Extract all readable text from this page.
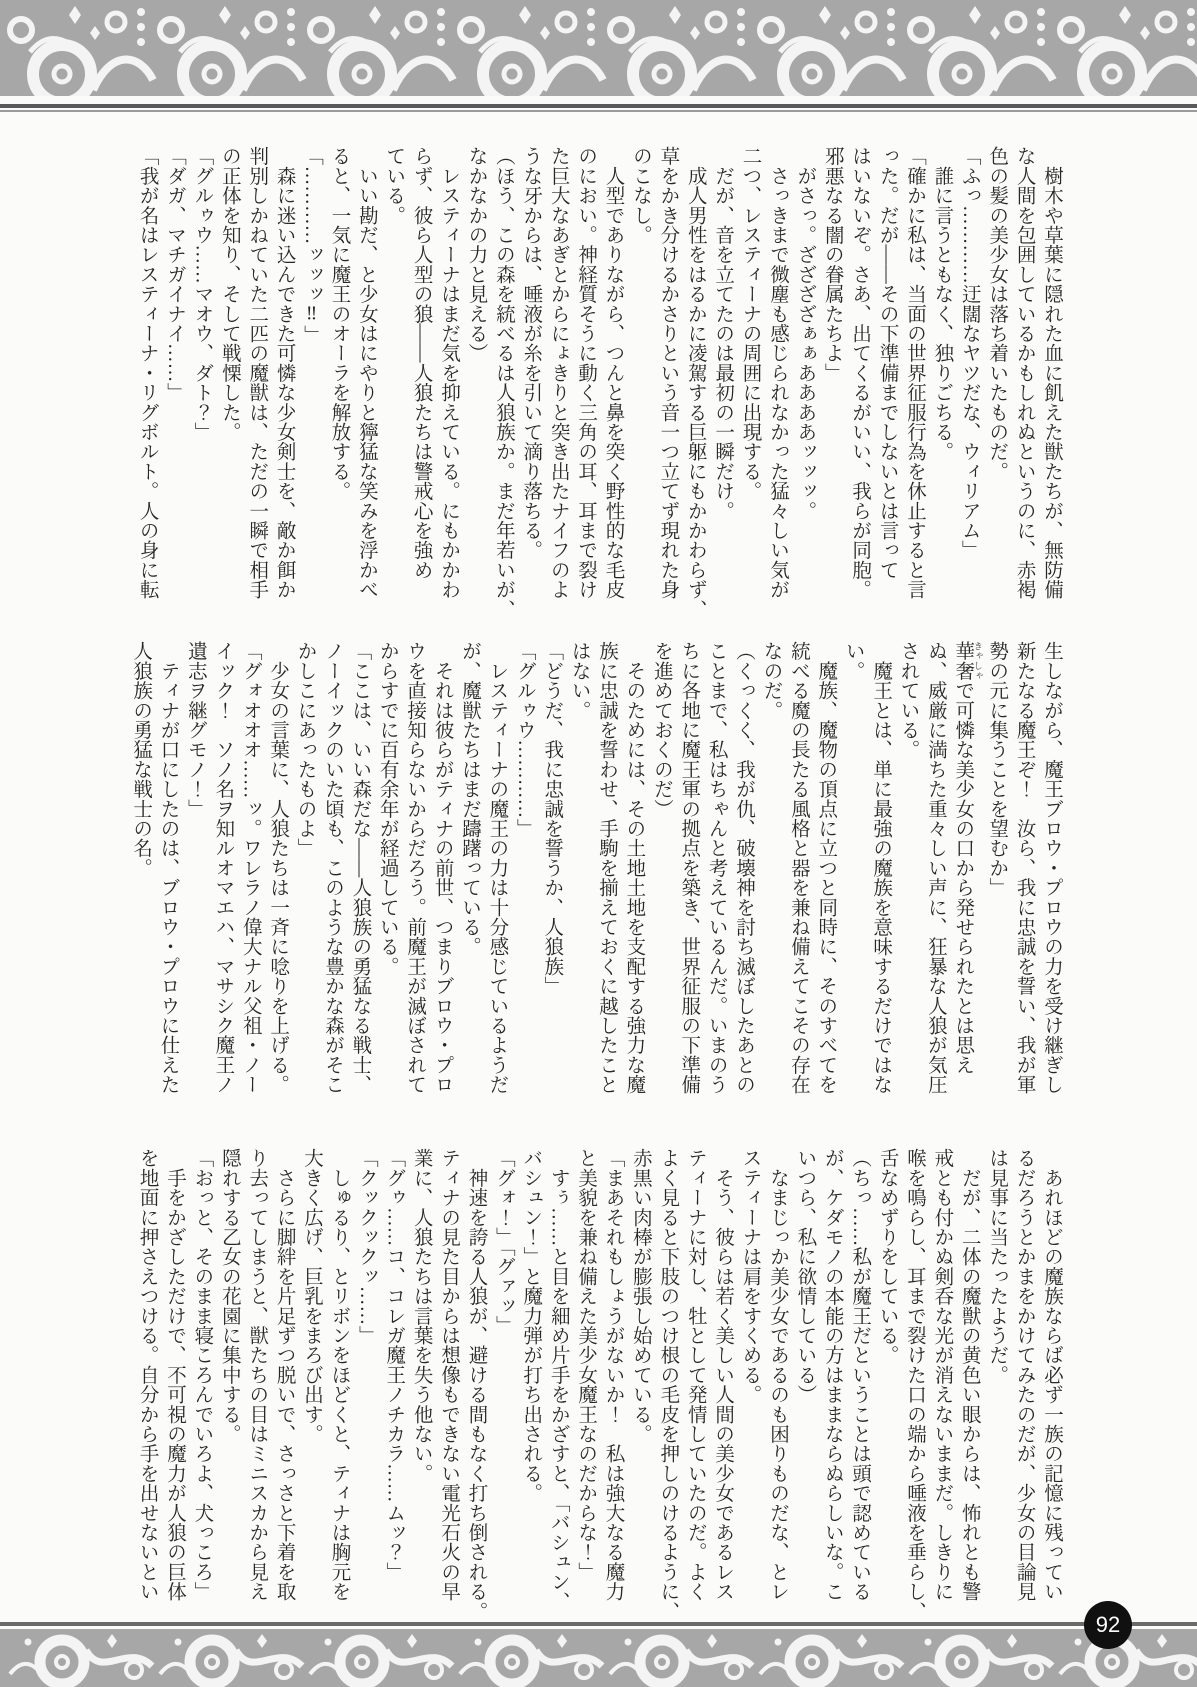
　樹木や草葉に隠れた血に飢えた獣たちが、無防備

な人間を包囲しているかもしれぬというのに、赤褐

色の髪の美少女は落ち着いたものだ。

「ふっ…………迂闊なヤツだな、ウィリアム」

　誰に言うともなく、独りごちる。

「確かに私は、当面の世界征服行為を休止すると言

った。だが――その下準備までしないとは言って

はいないぞ。さあ、出てくるがいい、我らが同胞。

邪悪なる闇の眷属たちよ」

　がさっ。ざざざざぁぁああああッッッ。

　さっきまで微塵も感じられなかった猛々しい気が

二つ、レスティーナの周囲に出現する。

　だが、音を立てたのは最初の一瞬だけ。

　成人男性をはるかに凌駕する巨躯にもかかわらず、

草をかき分けるかさりという音一つ立てず現れた身

のこなし。

　人型でありながら、つんと鼻を突く野性的な毛皮

のにおい。神経質そうに動く三角の耳、耳まで裂け

た巨大なあぎとからにょきりと突き出たナイフのよ

うな牙からは、唾液が糸を引いて滴り落ちる。

（ほう、この森を統べるは人狼族か。まだ年若いが、

なかなかの力と見える）

　レスティーナはまだ気を抑えている。にもかかわ

らず、彼ら人型の狼――人狼たちは警戒心を強め

ている。

　いい勘だ、と少女はにやりと獰猛な笑みを浮かべ

ると、一気に魔王のオーラを解放する。

「…………ッッッ‼」

　森に迷い込んできた可憐な少女剣士を、敵か餌か

判別しかねていた二匹の魔獣は、ただの一瞬で相手

の正体を知り、そして戦慄した。

「グルゥウ……マオウ、ダト？」

「ダガ、マチガイナイ……」

「我が名はレスティーナ・リグボルト。人の身に転

生しながら、魔王ブロウ・プロウの力を受け継ぎし

新たなる魔王ぞ！　汝ら、我に忠誠を誓い、我が軍

勢の元に集うことを望むか」

華奢 きゃしゃで可憐な美少女の口から発せられたとは思え

ぬ、威厳に満ちた重々しい声に、狂暴な人狼が気圧

されている。

　魔王とは、単に最強の魔族を意味するだけではな

い。

　魔族、魔物の頂点に立つと同時に、そのすべてを

統べる魔の長たる風格と器を兼ね備えてこその存在

なのだ。

（くっくく、我が仇、破壊神を討ち滅ぼしたあとの

ことまで、私はちゃんと考えているんだ。いまのう

ちに各地に魔王軍の拠点を築き、世界征服の下準備

を進めておくのだ）

　そのためには、その土地土地を支配する強力な魔

族に忠誠を誓わせ、手駒を揃えておくに越したこと

はない。

「どうだ、我に忠誠を誓うか、人狼族」

「グルゥウ…………」

　レスティーナの魔王の力は十分感じているようだ

が、魔獣たちはまだ躊躇っている。

　それは彼らがティナの前世、つまりブロウ・プロ

ウを直接知らないからだろう。前魔王が滅ぼされて

からすでに百有余年が経過している。

「ここは、いい森だな――人狼族の勇猛なる戦士、

ノーイックのいた頃も、このような豊かな森がそこ

かしこにあったものよ」

　少女の言葉に、人狼たちは一斉に唸りを上げる。

「グォオオオ……ッ。ワレラノ偉大ナル父祖・ノー

イック！　ソノ名ヲ知ルオマエハ、マサシク魔王ノ

遺志ヲ継グモノ！」

　ティナが口にしたのは、ブロウ・プロウに仕えた

人狼族の勇猛な戦士の名。

　あれほどの魔族ならば必ず一族の記憶に残ってい

るだろうとかまをかけてみたのだが、少女の目論見

は見事に当たったようだ。

　だが、二体の魔獣の黄色い眼からは、怖れとも警

戒とも付かぬ剣呑な光が消えないままだ。しきりに

喉を鳴らし、耳まで裂けた口の端から唾液を垂らし、

舌なめずりをしている。

（ちっ……私が魔王だということは頭で認めている

が、ケダモノの本能の方はままならぬらしいな。こ

いつら、私に欲情している）

　なまじっか美少女であるのも困りものだな、とレ

スティーナは肩をすくめる。

　そう、彼らは若く美しい人間の美少女であるレス

ティーナに対し、牡として発情していたのだ。よく

よく見ると下肢のつけ根の毛皮を押しのけるように、

赤黒い肉棒が膨張し始めている。

「まあそれもしょうがないか！　私は強大なる魔力

と美貌を兼ね備えた美少女魔王なのだからな！」

　すぅ……と目を細め片手をかざすと、「バシュン、

バシュン！」と魔力弾が打ち出される。

「グォ！」「グァッ」

　神速を誇る人狼が、避ける間もなく打ち倒される。

ティナの見た目からは想像もできない電光石火の早

業に、人狼たちは言葉を失う他ない。

「グゥ……コ、コレガ魔王ノチカラ……ムッ？」

「クックックッ……」

　しゅるり、とリボンをほどくと、ティナは胸元を

大きく広げ、巨乳をまろび出す。

　さらに脚絆を片足ずつ脱いで、さっさと下着を取

り去ってしまうと、獣たちの目はミニスカから見え

隠れする乙女の花園に集中する。

「おっと、そのまま寝ころんでいろよ、犬っころ」

　手をかざしただけで、不可視の魔力が人狼の巨体

を地面に押さえつける。自分から手を出せないとい

92
